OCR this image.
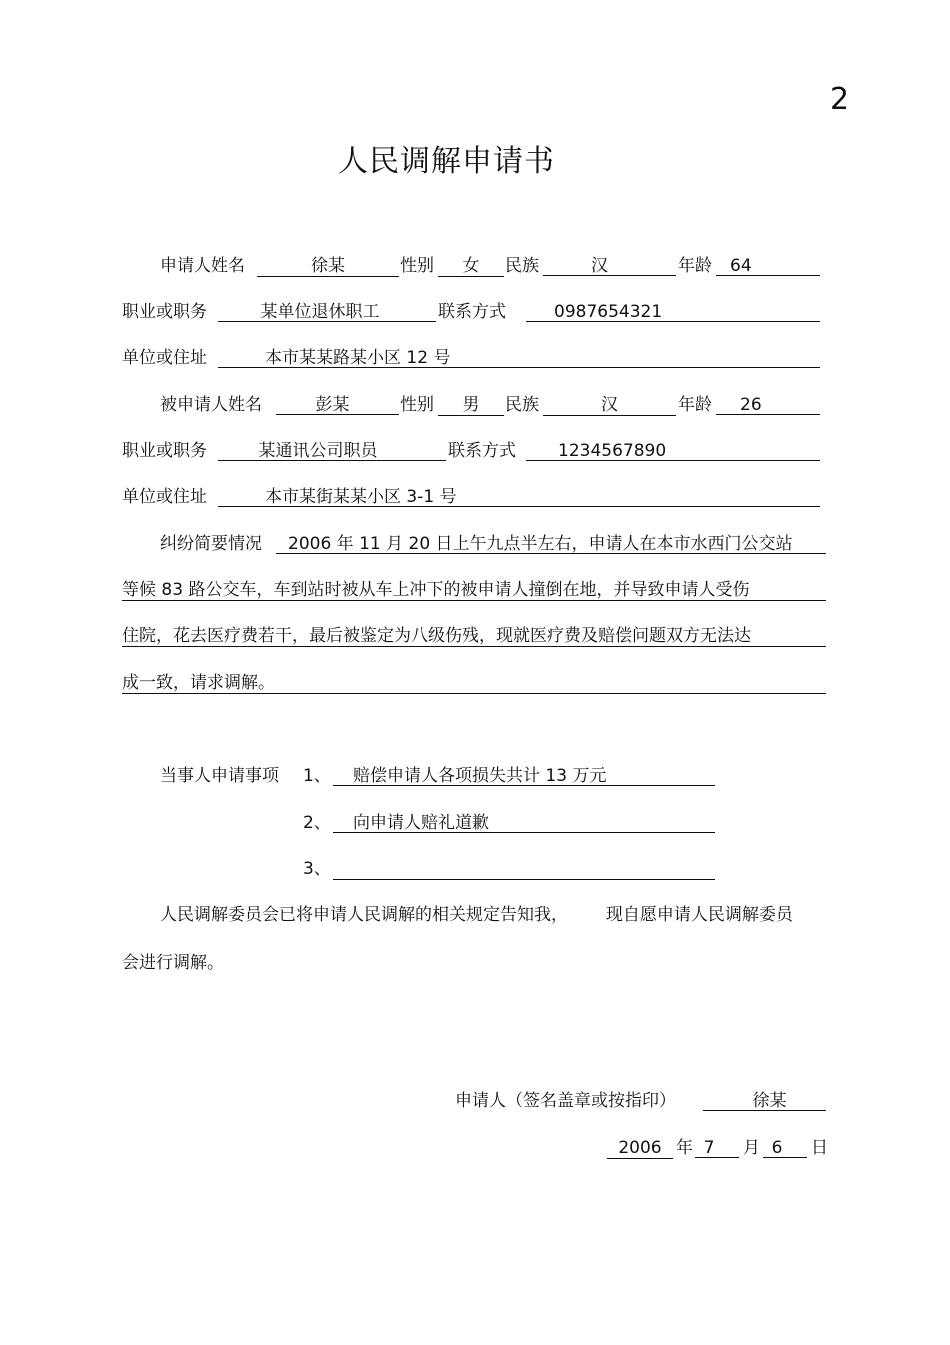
2
人民调解申请书
申请人姓名	徐某	性别	女	民族	汉	年龄	64
职业或职务	某单位退休职工	联系方式	0987654321
单位或住址	本市某某路某小区 12 号
被申请人姓名	彭某	性别	男	民族	汉	年龄	26
职业或职务	某通讯公司职员	联系方式	1234567890
单位或住址	本市某街某某小区 3-1 号
纠纷简要情况	2006 年 11 月 20 日上午九点半左右，申请人在本市水西门公交站
等候 83 路公交车，车到站时被从车上冲下的被申请人撞倒在地，并导致申请人受伤
住院，花去医疗费若干，最后被鉴定为八级伤残，现就医疗费及赔偿问题双方无法达
成一致，请求调解。
当事人申请事项 1、	赔偿申请人各项损失共计 13 万元
2、	向申请人赔礼道歉
3、
人民调解委员会已将申请人民调解的相关规定告知我，       现自愿申请人民调解委员
会进行调解。
申请人（签名盖章或按指印）	徐某
2006 年 7	月 6	日
